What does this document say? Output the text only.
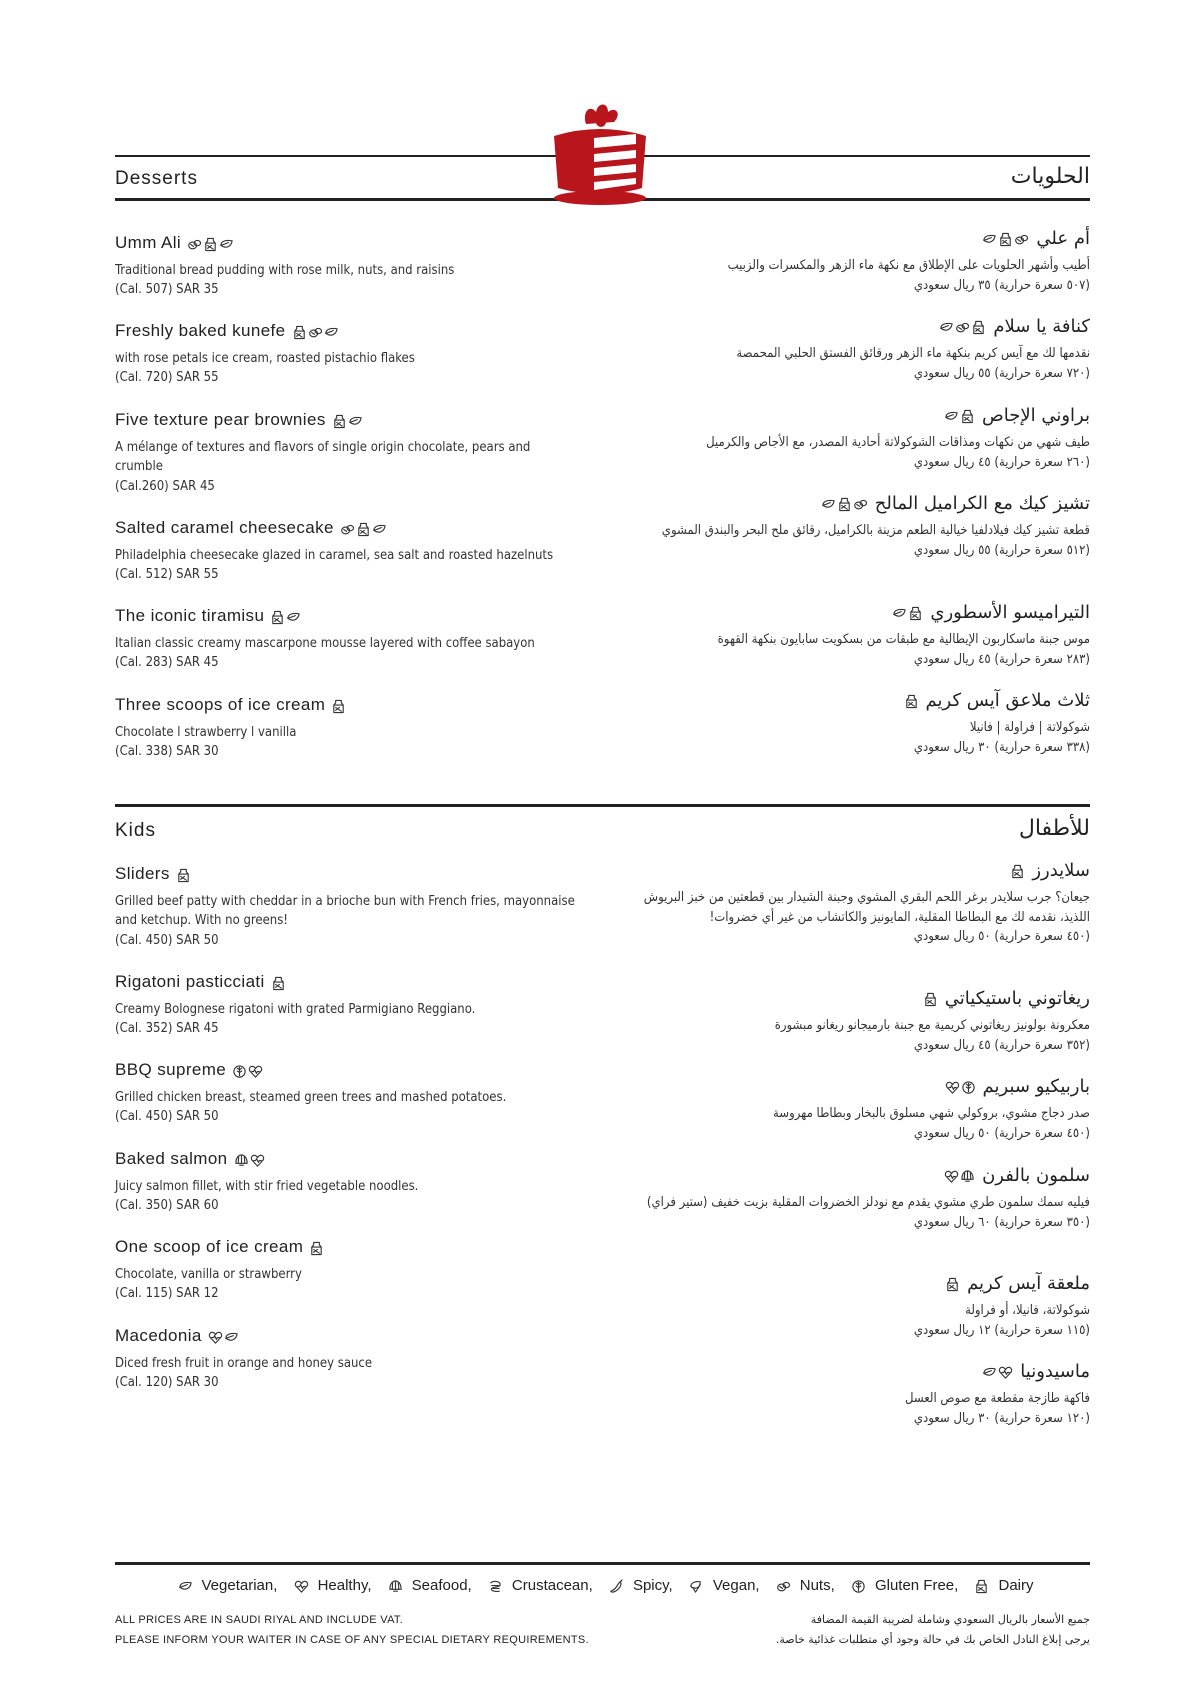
Desserts	الحلويات
Umm Ali
Traditional bread pudding with rose milk, nuts, and raisins
(Cal. 507) SAR 35
Freshly baked kunefe
with rose petals ice cream, roasted pistachio flakes
(Cal. 720) SAR 55
Five texture pear brownies
A mélange of textures and flavors of single origin chocolate, pears and crumble
(Cal.260) SAR 45
Salted caramel cheesecake
Philadelphia cheesecake glazed in caramel, sea salt and roasted hazelnuts
(Cal. 512) SAR 55
The iconic tiramisu
Italian classic creamy mascarpone mousse layered with coffee sabayon
(Cal. 283) SAR 45
Three scoops of ice cream
Chocolate l strawberry l vanilla
(Cal. 338) SAR 30
أم علي
أطيب وأشهر الحلويات على الإطلاق مع نكهة ماء الزهر والمكسرات والزبيب
(٥٠٧ سعرة حرارية) ٣٥ ريال سعودي
كنافة يا سلام
نقدمها لك مع آيس كريم بنكهة ماء الزهر ورقائق الفستق الحلبي المحمصة
(٧٢٠ سعرة حرارية) ٥٥ ريال سعودي
براوني الإجاص
طيف شهي من نكهات ومذاقات الشوكولاتة أحادية المصدر، مع الأجاص والكرميل
(٢٦٠ سعرة حرارية) ٤٥ ريال سعودي
تشيز كيك مع الكراميل المالح
قطعة تشيز كيك فيلادلفيا خيالية الطعم مزينة بالكراميل، رقائق ملح البحر والبندق المشوي
(٥١٢ سعرة حرارية) ٥٥ ريال سعودي
التيراميسو الأسطوري
موس جبنة ماسكاربون الإيطالية مع طبقات من بسكويت سابايون بنكهة القهوة
(٢٨٣ سعرة حرارية) ٤٥ ريال سعودي
ثلاث ملاعق آيس كريم
شوكولاتة | فراولة | فانيلا
(٣٣٨ سعرة حرارية) ٣٠ ريال سعودي
Kids	للأطفال
Sliders
Grilled beef patty with cheddar in a brioche bun with French fries, mayonnaise and ketchup. With no greens!
(Cal. 450) SAR 50
Rigatoni pasticciati
Creamy Bolognese rigatoni with grated Parmigiano Reggiano.
(Cal. 352) SAR 45
BBQ supreme
Grilled chicken breast, steamed green trees and mashed potatoes.
(Cal. 450) SAR 50
Baked salmon
Juicy salmon fillet, with stir fried vegetable noodles.
(Cal. 350) SAR 60
One scoop of ice cream
Chocolate, vanilla or strawberry
(Cal. 115) SAR 12
Macedonia
Diced fresh fruit in orange and honey sauce
(Cal. 120) SAR 30
سلايدرز
جيعان؟ جرب سلايدر برغر اللحم البقري المشوي وجبنة الشيدار بين قطعتين من خبز البريوش اللذيذ، نقدمه لك مع البطاطا المقلية، المايونيز والكاتشاب من غير أي خضروات!
(٤٥٠ سعرة حرارية) ٥٠ ريال سعودي
ريغاتوني باستيكياتي
معكرونة بولونيز ريغاتوني كريمية مع جبنة بارميجانو ريغانو مبشورة
(٣٥٢ سعرة حرارية) ٤٥ ريال سعودي
باربيكيو سبريم
صدر دجاج مشوي، بروكولي شهي مسلوق بالبخار وبطاطا مهروسة
(٤٥٠ سعرة حرارية) ٥٠ ريال سعودي
سلمون بالفرن
فيليه سمك سلمون طري مشوي يقدم مع نودلز الخضروات المقلية بزيت خفيف (ستير فراي)
(٣٥٠ سعرة حرارية) ٦٠ ريال سعودي
ملعقة آيس كريم
شوكولاتة، فانيلا، أو فراولة
(١١٥ سعرة حرارية) ١٢ ريال سعودي
ماسيدونيا
فاكهة طازجة مقطعة مع صوص العسل
(١٢٠ سعرة حرارية) ٣٠ ريال سعودي
Vegetarian,	Healthy,	Seafood,	Crustacean,	Spicy,	Vegan,	Nuts,	Gluten Free,	Dairy
ALL PRICES ARE IN SAUDI RIYAL AND INCLUDE VAT.
PLEASE INFORM YOUR WAITER IN CASE OF ANY SPECIAL DIETARY REQUIREMENTS.
جميع الأسعار بالريال السعودي وشاملة لضريبة القيمة المضافة
يرجى إبلاغ النادل الخاص بك في حالة وجود أي متطلبات غذائية خاصة.
